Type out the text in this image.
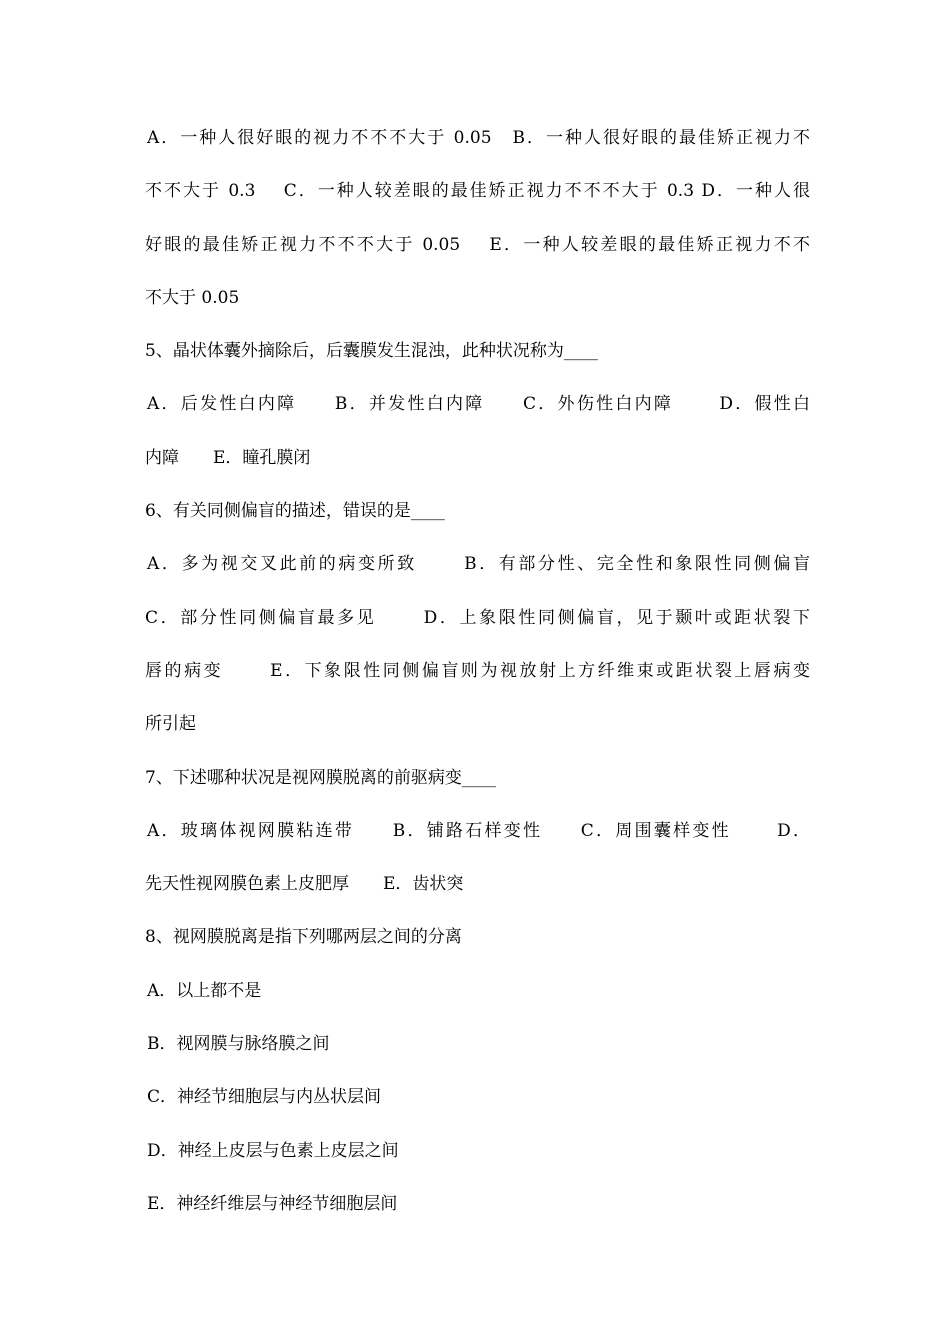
A．一种人很好眼的视力不不不大于 0.05　B．一种人很好眼的最佳矫正视力不
不不大于 0.3　 C．一种人较差眼的最佳矫正视力不不不大于 0.3 D．一种人很
好眼的最佳矫正视力不不不大于 0.05　 E．一种人较差眼的最佳矫正视力不不
不大于 0.05
5、晶状体囊外摘除后，后囊膜发生混浊，此种状况称为____
A．后发性白内障　　B．并发性白内障　　C．外伤性白内障　　 D．假性白
内障　　E．瞳孔膜闭
6、有关同侧偏盲的描述，错误的是____
A．多为视交叉此前的病变所致　　 B．有部分性、完全性和象限性同侧偏盲
C．部分性同侧偏盲最多见　　 D．上象限性同侧偏盲，见于颞叶或距状裂下
唇的病变　　 E．下象限性同侧偏盲则为视放射上方纤维束或距状裂上唇病变
所引起
7、下述哪种状况是视网膜脱离的前驱病变____
A．玻璃体视网膜粘连带　　B．铺路石样变性　　C．周围囊样变性　　 D．
先天性视网膜色素上皮肥厚　　E．齿状突
8、视网膜脱离是指下列哪两层之间的分离
A．以上都不是
B．视网膜与脉络膜之间
C．神经节细胞层与内丛状层间
D．神经上皮层与色素上皮层之间
E．神经纤维层与神经节细胞层间
